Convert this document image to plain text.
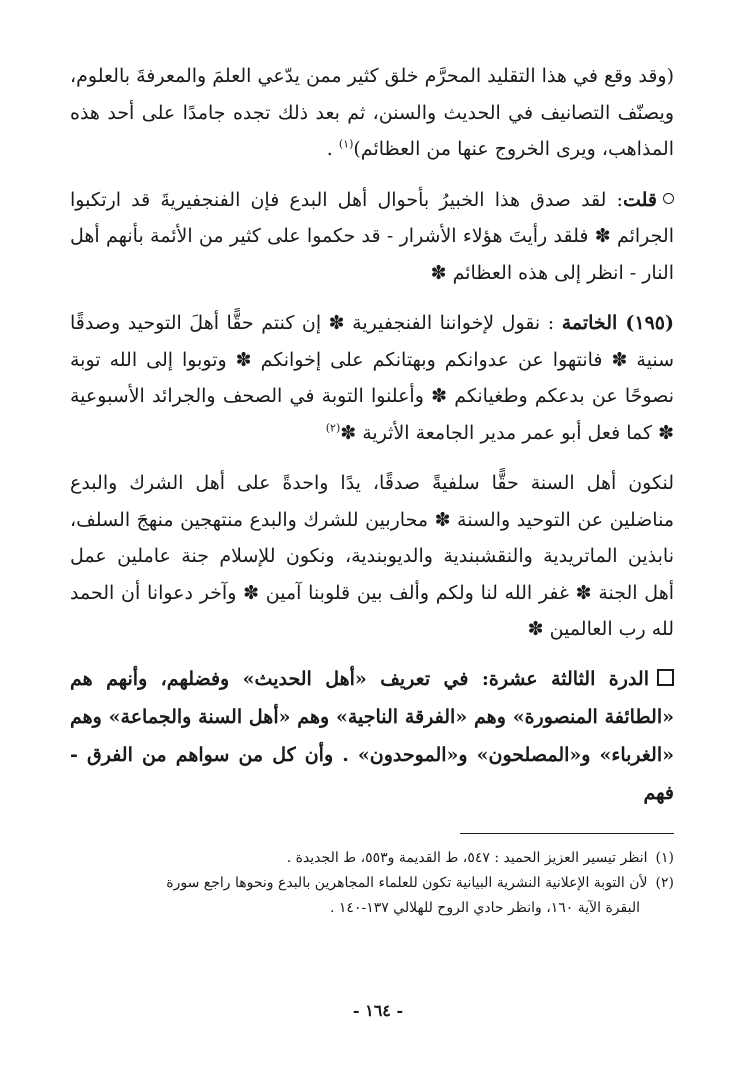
(وقد وقع في هذا التقليد المحرَّم خلق كثير ممن يدّعي العلمَ والمعرفةَ بالعلوم، ويصنّف التصانيف في الحديث والسنن، ثم بعد ذلك تجده جامدًا على أحد هذه المذاهب، ويرى الخروج عنها من العظائم)$^{(١)}$ .

قلت: لقد صدق هذا الخبيرُ بأحوال أهل البدع فإن الفنجفيريةَ قد ارتكبوا الجرائم ✽ فلقد رأيتَ هؤلاء الأشرار - قد حكموا على كثير من الأئمة بأنهم أهل النار - انظر إلى هذه العظائم ✽

(١٩٥) الخاتمة : نقول لإخواننا الفنجفيرية ✽ إن كنتم حقًّا أهلَ التوحيد وصدقًا سنية ✽ فانتهوا عن عدوانكم وبهتانكم على إخوانكم ✽ وتوبوا إلى الله توبة نصوحًا عن بدعكم وطغيانكم ✽ وأعلنوا التوبة في الصحف والجرائد الأسبوعية ✽ كما فعل أبو عمر مدير الجامعة الأثرية ✽$^{(٢)}$

لنكون أهل السنة حقًّا سلفيةً صدقًا، يدًا واحدةً على أهل الشرك والبدع مناضلين عن التوحيد والسنة ✽ محاربين للشرك والبدع منتهجين منهجَ السلف، نابذين الماتريدية والنقشبندية والديوبندية، ونكون للإسلام جنة عاملين عمل أهل الجنة ✽ غفر الله لنا ولكم وألف بين قلوبنا آمين ✽ وآخر دعوانا أن الحمد لله رب العالمين ✽

الدرة الثالثة عشرة: في تعريف «أهل الحديث» وفضلهم، وأنهم هم «الطائفة المنصورة» وهم «الفرقة الناجية» وهم «أهل السنة والجماعة» وهم «الغرباء» و«المصلحون» و«الموحدون» . وأن كل من سواهم من الفرق - فهم

(١)انظر تيسير العزيز الحميد : ٥٤٧، ط القديمة و٥٥٣، ط الجديدة .

(٢)لأن التوبة الإعلانية النشرية البيانية تكون للعلماء المجاهرين بالبدع ونحوها راجع سورة

البقرة الآية ١٦٠، وانظر حادي الروح للهلالي ١٣٧-١٤٠ .

- ١٦٤ -
